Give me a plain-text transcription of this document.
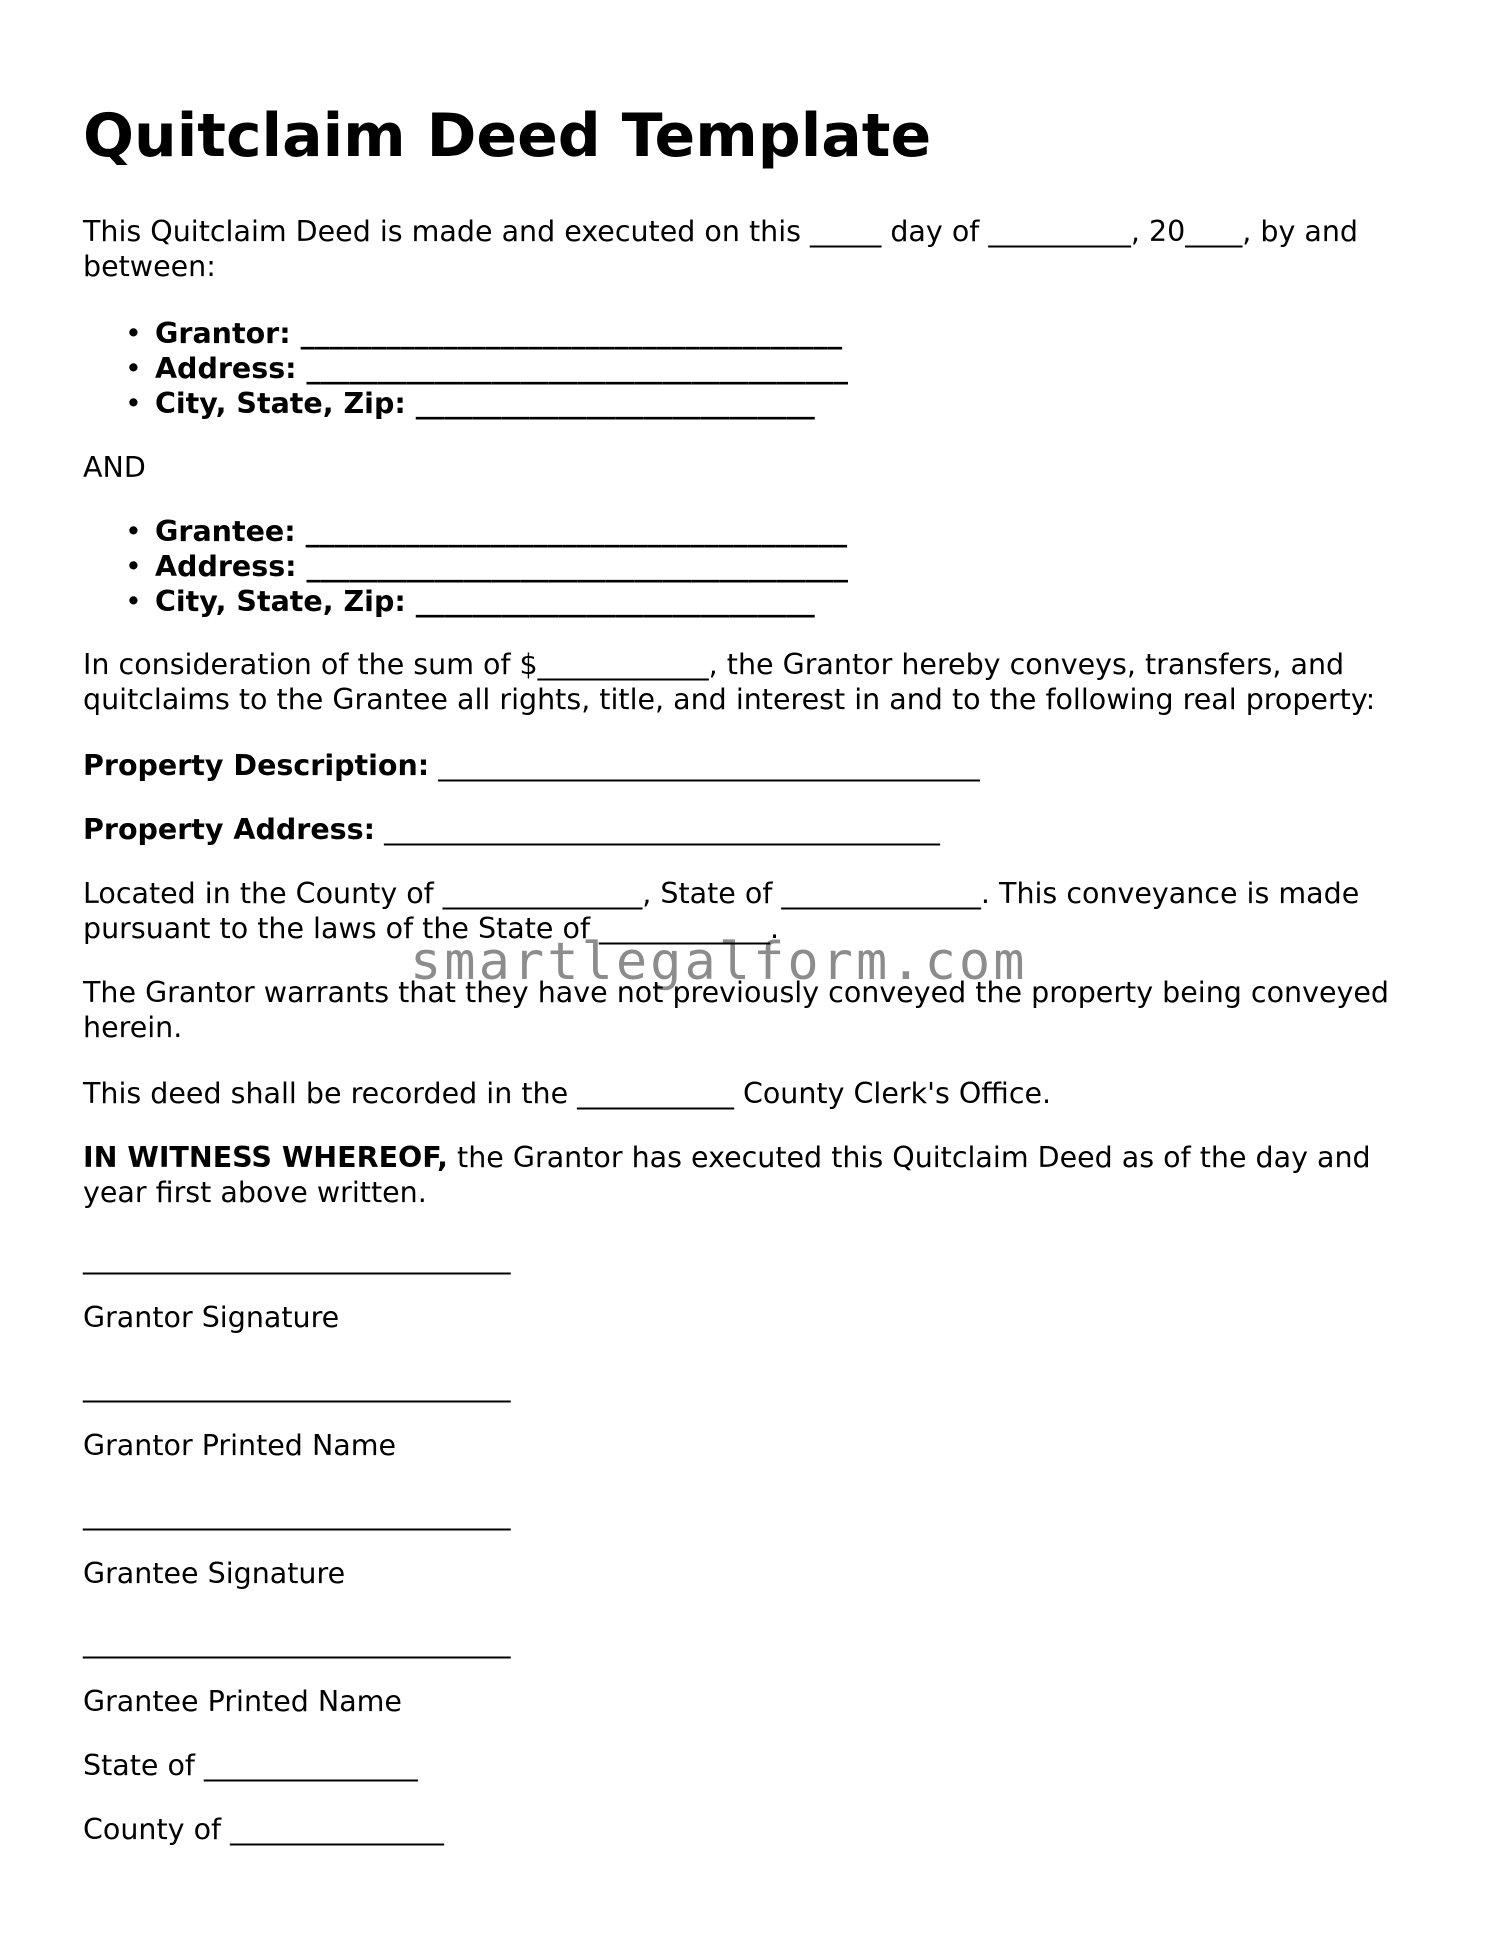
Quitclaim Deed Template

This Quitclaim Deed is made and executed on this _____ day of __________, 20____, by and between:

• Grantor: ______________________________________
• Address: ______________________________________
• City, State, Zip: ____________________________

AND

• Grantee: ______________________________________
• Address: ______________________________________
• City, State, Zip: ____________________________

In consideration of the sum of $____________, the Grantor hereby conveys, transfers, and quitclaims to the Grantee all rights, title, and interest in and to the following real property:

Property Description: ______________________________________

Property Address: _______________________________________

Located in the County of ______________, State of ______________. This conveyance is made pursuant to the laws of the State of ____________.

The Grantor warrants that they have not previously conveyed the property being conveyed herein.

This deed shall be recorded in the ___________ County Clerk's Office.

IN WITNESS WHEREOF, the Grantor has executed this Quitclaim Deed as of the day and year first above written.

______________________________

Grantor Signature

______________________________

Grantor Printed Name

______________________________

Grantee Signature

______________________________

Grantee Printed Name

State of _______________

County of _______________

smartlegalform.com
